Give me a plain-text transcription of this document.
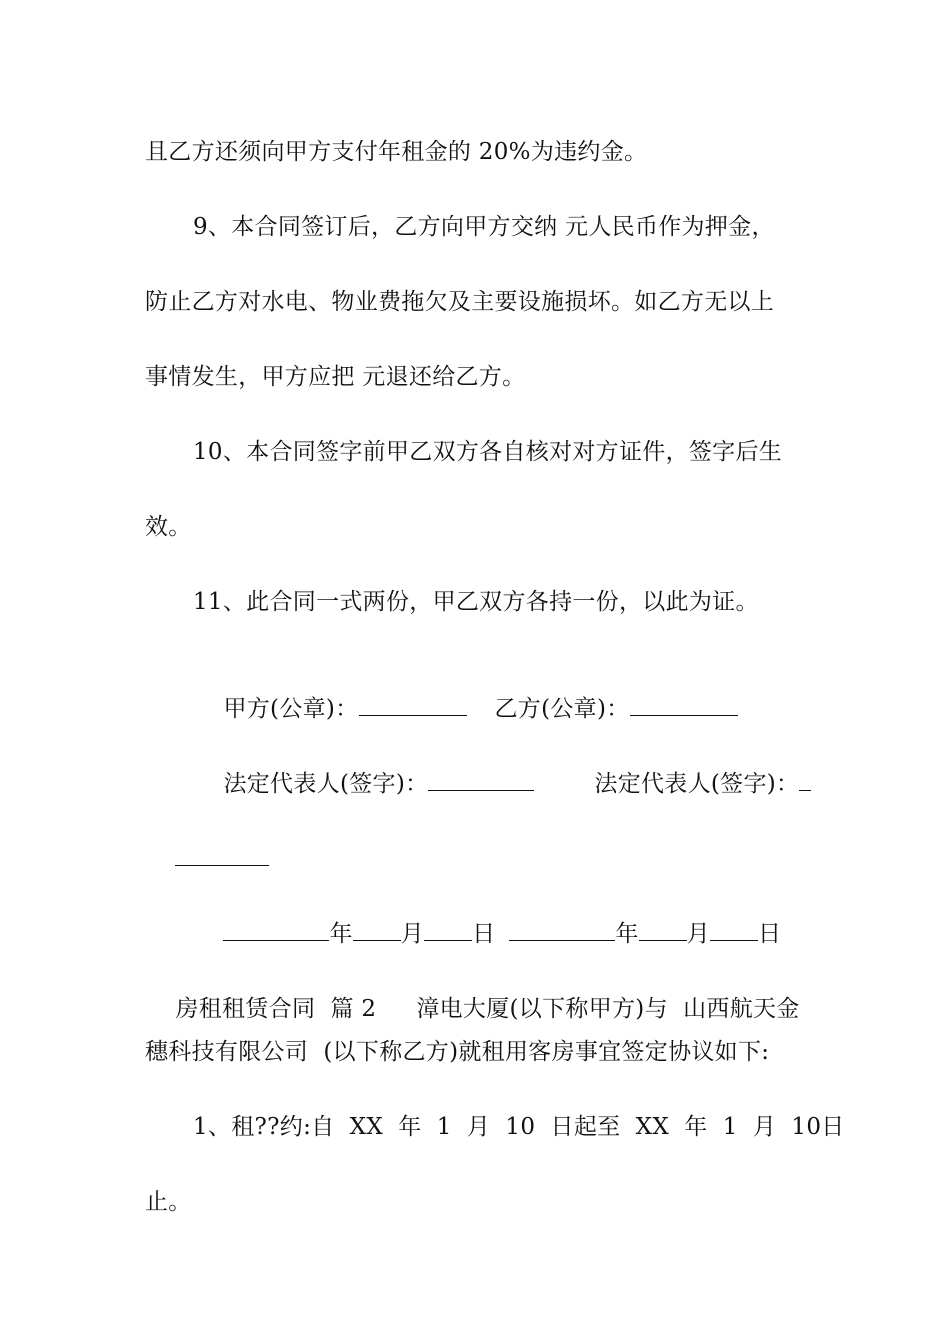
且乙方还须向甲方支付年租金的 20%为违约金。
9、本合同签订后，乙方向甲方交纳 元人民币作为押金，
防止乙方对水电、物业费拖欠及主要设施损坏。如乙方无以上
事情发生，甲方应把 元退还给乙方。
10、本合同签字前甲乙双方各自核对对方证件，签字后生
效。
11、此合同一式两份，甲乙双方各持一份，以此为证。

甲方(公章)：	乙方(公章)：

法定代表人(签字)：	法定代表人(签字)：

年 月 日	年 月 日

房租租赁合同  篇 2 漳电大厦(以下称甲方)与  山西航天金

穗科技有限公司  (以下称乙方)就租用客房事宜签定协议如下:
1、租??约:自  XX  年  1  月  10  日起至  XX  年  1  月  10日
止。
